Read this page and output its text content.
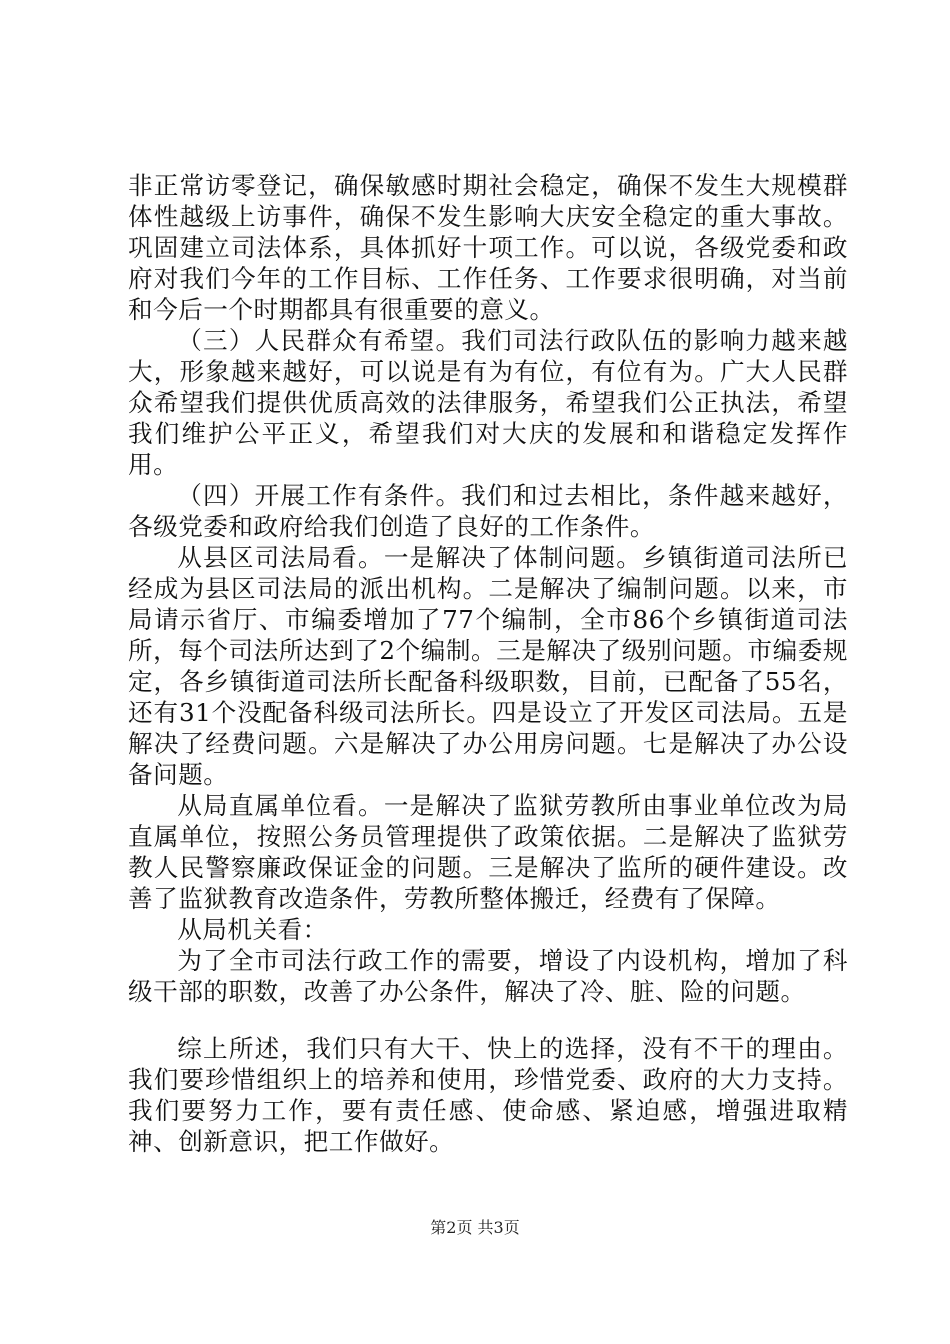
非正常访零登记，确保敏感时期社会稳定，确保不发生大规模群体性越级上访事件，确保不发生影响大庆安全稳定的重大事故。巩固建立司法体系，具体抓好十项工作。可以说，各级党委和政府对我们今年的工作目标、工作任务、工作要求很明确，对当前和今后一个时期都具有很重要的意义。

（三）人民群众有希望。我们司法行政队伍的影响力越来越大，形象越来越好，可以说是有为有位，有位有为。广大人民群众希望我们提供优质高效的法律服务，希望我们公正执法，希望我们维护公平正义，希望我们对大庆的发展和和谐稳定发挥作用。

（四）开展工作有条件。我们和过去相比，条件越来越好，各级党委和政府给我们创造了良好的工作条件。

从县区司法局看。一是解决了体制问题。乡镇街道司法所已经成为县区司法局的派出机构。二是解决了编制问题。以来，市局请示省厅、市编委增加了77个编制，全市86个乡镇街道司法所，每个司法所达到了2个编制。三是解决了级别问题。市编委规定，各乡镇街道司法所长配备科级职数，目前，已配备了55名，还有31个没配备科级司法所长。四是设立了开发区司法局。五是解决了经费问题。六是解决了办公用房问题。七是解决了办公设备问题。

从局直属单位看。一是解决了监狱劳教所由事业单位改为局直属单位，按照公务员管理提供了政策依据。二是解决了监狱劳教人民警察廉政保证金的问题。三是解决了监所的硬件建设。改善了监狱教育改造条件，劳教所整体搬迁，经费有了保障。

从局机关看：

为了全市司法行政工作的需要，增设了内设机构，增加了科级干部的职数，改善了办公条件，解决了冷、脏、险的问题。

综上所述，我们只有大干、快上的选择，没有不干的理由。我们要珍惜组织上的培养和使用，珍惜党委、政府的大力支持。我们要努力工作，要有责任感、使命感、紧迫感，增强进取精神、创新意识，把工作做好。

第2页 共3页
